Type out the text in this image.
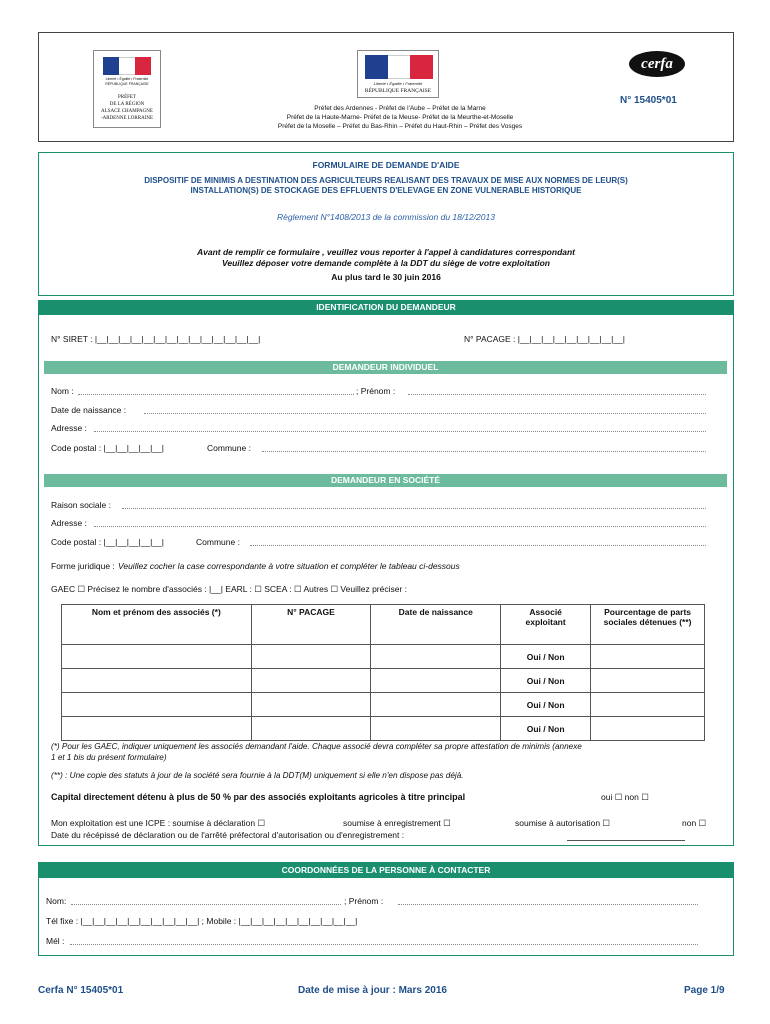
Liberté • Égalité • Fraternité
RÉPUBLIQUE FRANÇAISE
PRÉFET
DE LA RÉGION
ALSACE CHAMPAGNE
-ARDENNE LORRAINE
Liberté • Égalité • Fraternité
RÉPUBLIQUE FRANÇAISE
Préfet des Ardennes - Préfet de l'Aube – Préfet de la Marne
Préfet de la Haute-Marne- Préfet de la Meuse- Préfet de la Meurthe-et-Moselle
Préfet de la Moselle – Préfet du Bas-Rhin – Préfet du Haut-Rhin – Préfet des Vosges
cerfa
N° 15405*01
FORMULAIRE DE DEMANDE D'AIDE
DISPOSITIF DE MINIMIS A DESTINATION DES AGRICULTEURS REALISANT DES TRAVAUX DE MISE AUX NORMES DE LEUR(S)
INSTALLATION(S) DE STOCKAGE DES EFFLUENTS D'ELEVAGE EN ZONE VULNERABLE HISTORIQUE
Règlement N°1408/2013 de la commission du 18/12/2013
Avant de remplir ce formulaire , veuillez vous reporter à l'appel à candidatures correspondant
Veuillez déposer votre demande complète à la DDT du siège de votre exploitation
Au plus tard le 30 juin 2016
IDENTIFICATION DU DEMANDEUR
N° SIRET : |__|__|__|__|__|__|__|__|__|__|__|__|__|__|	N° PACAGE : |__|__|__|__|__|__|__|__|__|
DEMANDEUR INDIVIDUEL
Nom :	; Prénom :
Date de naissance :
Adresse :
Code postal : |__|__|__|__|__|	Commune :
DEMANDEUR EN SOCIÉTÉ
Raison sociale :
Adresse :
Code postal : |__|__|__|__|__|	Commune :
Forme juridique : Veuillez cocher la case correspondante à votre situation et compléter le tableau ci-dessous
GAEC ☐ Précisez le nombre d'associés : |__| EARL : ☐ SCEA : ☐ Autres ☐ Veuillez préciser :
Nom et prénom des associés (*)	N° PACAGE	Date de naissance	Associé exploitant	Pourcentage de parts sociales détenues (**)
			Oui / Non	
			Oui / Non	
			Oui / Non	
			Oui / Non	
(*) Pour les GAEC, indiquer uniquement les associés demandant l'aide. Chaque associé devra compléter sa propre attestation de minimis (annexe
1 et 1 bis du présent formulaire)
(**) : Une copie des statuts à jour de la société sera fournie à la DDT(M) uniquement si elle n'en dispose pas déjà.
Capital directement détenu à plus de 50 % par des associés exploitants agricoles à titre principal	oui ☐ non ☐
Mon exploitation est une ICPE : soumise à déclaration ☐	soumise à enregistrement ☐	soumise à autorisation ☐	non ☐
Date du récépissé de déclaration ou de l'arrêté préfectoral d'autorisation ou d'enregistrement :
COORDONNÉES DE LA PERSONNE À CONTACTER
Nom:	; Prénom :
Tél fixe : |__|__|__|__|__|__|__|__|__|__| ; Mobile : |__|__|__|__|__|__|__|__|__|__|
Mél :
Cerfa N° 15405*01	Date de mise à jour : Mars 2016	Page 1/9
